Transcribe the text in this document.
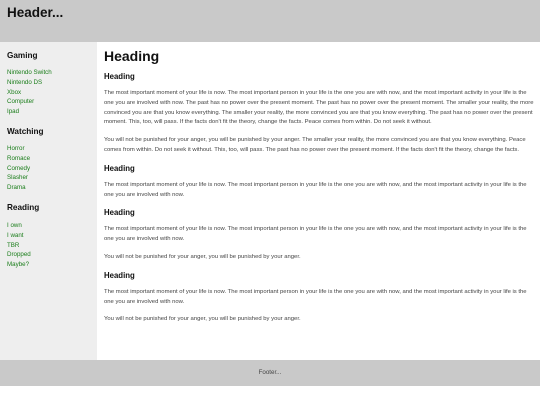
Header...
Gaming
Nintendo Switch
Nintendo DS
Xbox
Computer
Ipad
Watching
Horror
Romace
Comedy
Slasher
Drama
Reading
I own
I want
TBR
Dropped
Maybe?
Heading
Heading

The most important moment of your life is now. The most important person in your life is the one you are with now, and the most important activity in your life is the one you are involved with now. The past has no power over the present moment. The past has no power over the present moment. The smaller your reality, the more convinced you are that you know everything. The smaller your reality, the more convinced you are that you know everything. The past has no power over the present moment. This, too, will pass. If the facts don't fit the theory, change the facts. Peace comes from within. Do not seek it without.

You will not be punished for your anger, you will be punished by your anger. The smaller your reality, the more convinced you are that you know everything. Peace comes from within. Do not seek it without. This, too, will pass. The past has no power over the present moment. If the facts don't fit the theory, change the facts.

Heading

The most important moment of your life is now. The most important person in your life is the one you are with now, and the most important activity in your life is the one you are involved with now.

Heading

The most important moment of your life is now. The most important person in your life is the one you are with now, and the most important activity in your life is the one you are involved with now.

You will not be punished for your anger, you will be punished by your anger.

Heading

The most important moment of your life is now. The most important person in your life is the one you are with now, and the most important activity in your life is the one you are involved with now.

You will not be punished for your anger, you will be punished by your anger.

Footer...
